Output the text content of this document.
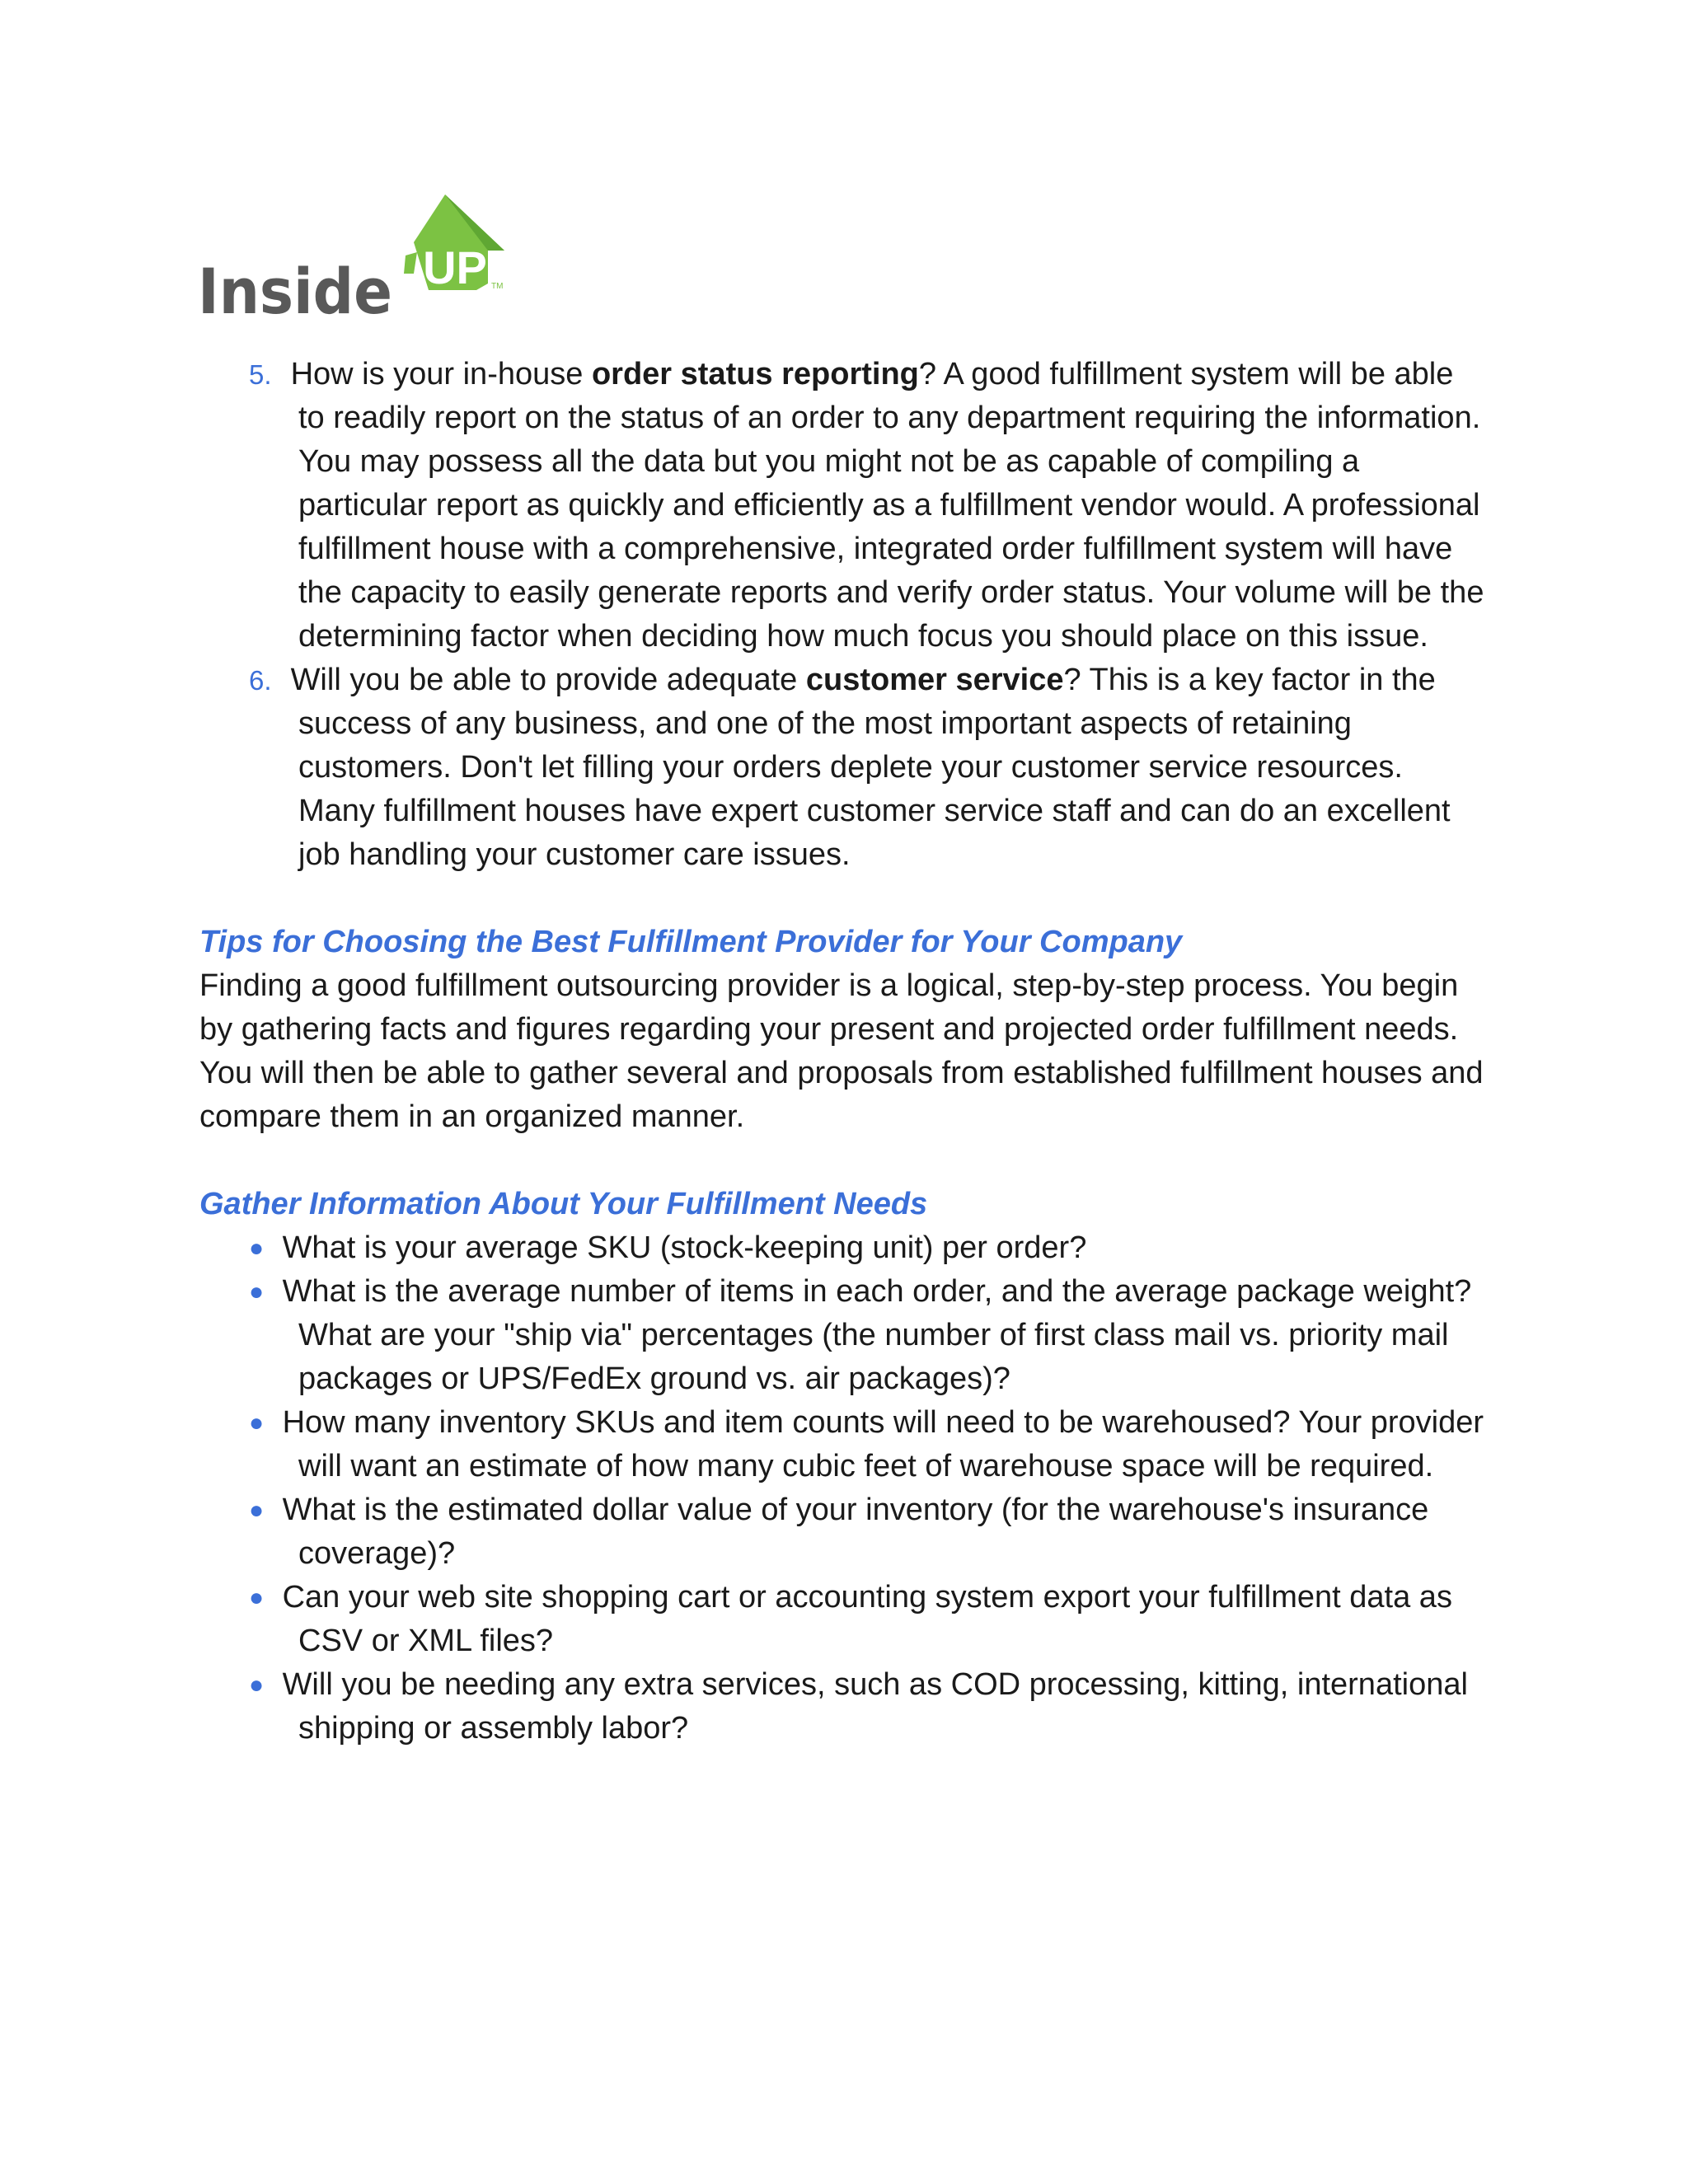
UP TM
Inside
5. How is your in-house order status reporting? A good fulfillment system will be able to readily report on the status of an order to any department requiring the information. You may possess all the data but you might not be as capable of compiling a particular report as quickly and efficiently as a fulfillment vendor would. A professional fulfillment house with a comprehensive, integrated order fulfillment system will have the capacity to easily generate reports and verify order status. Your volume will be the determining factor when deciding how much focus you should place on this issue.
6. Will you be able to provide adequate customer service? This is a key factor in the success of any business, and one of the most important aspects of retaining customers. Don't let filling your orders deplete your customer service resources. Many fulfillment houses have expert customer service staff and can do an excellent job handling your customer care issues.
Tips for Choosing the Best Fulfillment Provider for Your Company

Finding a good fulfillment outsourcing provider is a logical, step-by-step process. You begin by gathering facts and figures regarding your present and projected order fulfillment needs. You will then be able to gather several and proposals from established fulfillment houses and compare them in an organized manner.

Gather Information About Your Fulfillment Needs
● What is your average SKU (stock-keeping unit) per order?
● What is the average number of items in each order, and the average package weight? What are your "ship via" percentages (the number of first class mail vs. priority mail packages or UPS/FedEx ground vs. air packages)?
● How many inventory SKUs and item counts will need to be warehoused? Your provider will want an estimate of how many cubic feet of warehouse space will be required.
● What is the estimated dollar value of your inventory (for the warehouse's insurance coverage)?
● Can your web site shopping cart or accounting system export your fulfillment data as CSV or XML files?
● Will you be needing any extra services, such as COD processing, kitting, international shipping or assembly labor?
